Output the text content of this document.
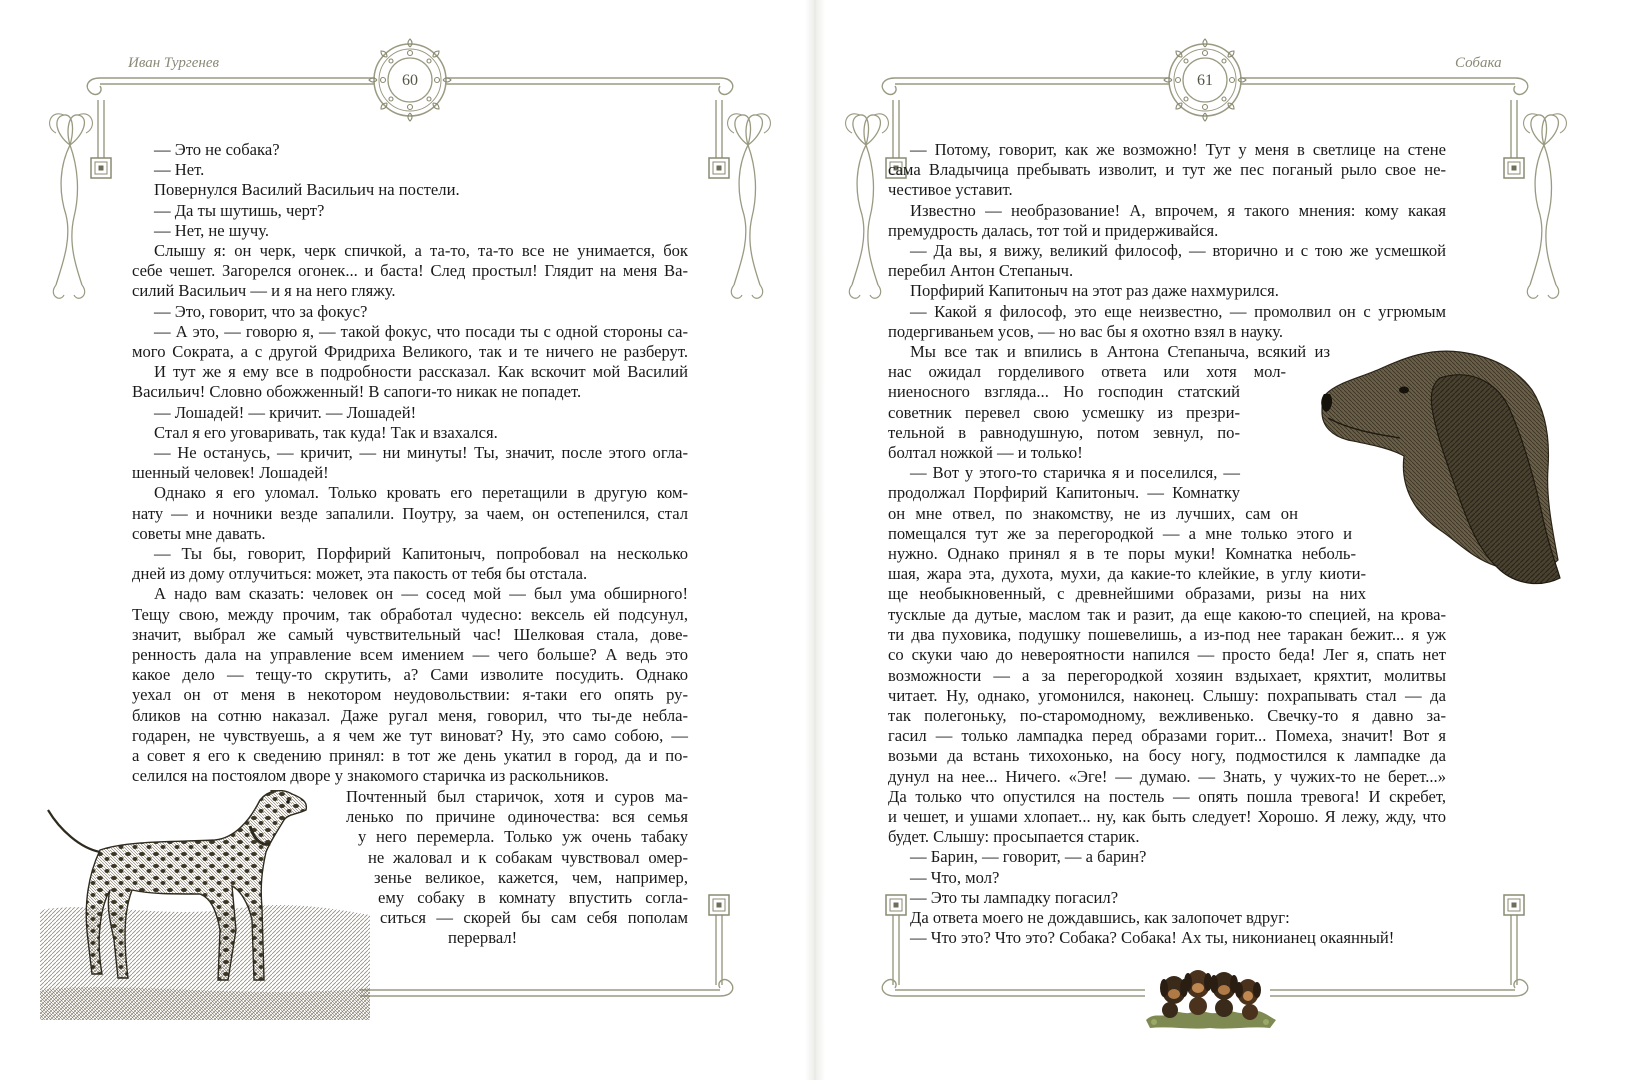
Иван Тургенев
60
Собака
61
— Это не собака?
— Нет.
Повернулся Василий Васильич на постели.
— Да ты шутишь, черт?
— Нет, не шучу.
Слышу я: он черк, черк спичкой, а та-то, та-то все не унимается, бок
себе чешет. Загорелся огонек... и баста! След простыл! Глядит на меня Ва-
силий Васильич — и я на него гляжу.
— Это, говорит, что за фокус?
— А это, — говорю я, — такой фокус, что посади ты с одной стороны са-
мого Сократа, а с другой Фридриха Великого, так и те ничего не разберут.
И тут же я ему все в подробности рассказал. Как вскочит мой Василий
Васильич! Словно обожженный! В сапоги-то никак не попадет.
— Лошадей! — кричит. — Лошадей!
Стал я его уговаривать, так куда! Так и взахался.
— Не останусь, — кричит, — ни минуты! Ты, значит, после этого оглa-
шенный человек! Лошадей!
Однако я его уломал. Только кровать его перетащили в другую ком-
нату — и ночники везде запалили. Поутру, за чаем, он остепенился, стал
советы мне давать.
— Ты бы, говорит, Порфирий Капитоныч, попробовал на несколько
дней из дому отлучиться: может, эта пакость от тебя бы отстала.
А надо вам сказать: человек он — сосед мой — был ума обширного!
Тещу свою, между прочим, так обработал чудесно: вексель ей подсунул,
значит, выбрал же самый чувствительный час! Шелковая стала, дове-
ренность дала на управление всем имением — чего больше? А ведь это
какое дело — тещу-то скрутить, а? Сами изволите посудить. Однако
уехал он от меня в некотором неудовольствии: я-таки его опять ру-
бликов на сотню наказал. Даже ругал меня, говорил, что ты-де небла-
годарен, не чувствуешь, а я чем же тут виноват? Ну, это само собою, —
а совет я его к сведению принял: в тот же день укатил в город, да и по-
селился на постоялом дворе у знакомого старичка из раскольников.
Почтенный был старичок, хотя и суров ма-
ленько по причине одиночества: вся семья
у него перемерла. Только уж очень табаку
не жаловал и к собакам чувствовал омер-
зенье великое, кажется, чем, например,
ему собаку в комнату впустить согла-
ситься — скорей бы сам себя пополам
перервал!
— Потому, говорит, как же возможно! Тут у меня в светлице на стене
сама Владычица пребывать изволит, и тут же пес поганый рыло свое не-
честивое уставит.
Известно — необразование! А, впрочем, я такого мнения: кому какая
премудрость далась, тот той и придерживайся.
— Да вы, я вижу, великий философ, — вторично и с тою же усмешкой
перебил Антон Степаныч.
Порфирий Капитоныч на этот раз даже нахмурился.
— Какой я философ, это еще неизвестно, — промолвил он с угрюмым
подергиваньем усов, — но вас бы я охотно взял в науку.
Мы все так и впились в Антона Степаныча, всякий из
нас ожидал горделивого ответа или хотя мол-
ниеносного взгляда... Но господин статский
советник перевел свою усмешку из презри-
тельной в равнодушную, потом зевнул, по-
болтал ножкой — и только!
— Вот у этого-то старичка я и поселился, —
продолжал Порфирий Капитоныч. — Комнатку
он мне отвел, по знакомству, не из лучших, сам он
помещался тут же за перегородкой — а мне только этого и
нужно. Однако принял я в те поры муки! Комнатка неболь-
шая, жара эта, духота, мухи, да какие-то клейкие, в углу киоти-
ще необыкновенный, с древнейшими образами, ризы на них
тусклые да дутые, маслом так и разит, да еще какою-то специей, на крова-
ти два пуховика, подушку пошевелишь, а из-под нее таракан бежит... я уж
со скуки чаю до невероятности напился — просто беда! Лег я, спать нет
возможности — а за перегородкой хозяин вздыхает, кряхтит, молитвы
читает. Ну, однако, угомонился, наконец. Слышу: похрапывать стал — да
так полегоньку, по-старомодному, вежливенько. Свечку-то я давно за-
гасил — только лампадка перед образами горит... Помеха, значит! Вот я
возьми да встань тихохонько, на босу ногу, подмостился к лампадке да
дунул на нее... Ничего. «Эге! — думаю. — Знать, у чужих-то не берет...»
Да только что опустился на постель — опять пошла тревога! И скребет,
и чешет, и ушами хлопает... ну, как быть следует! Хорошо. Я лежу, жду, что
будет. Слышу: просыпается старик.
— Барин, — говорит, — а барин?
— Что, мол?
— Это ты лампадку погасил?
Да ответа моего не дождавшись, как залопочет вдруг:
— Что это? Что это? Собака? Собака! Ах ты, никонианец окаянный!
